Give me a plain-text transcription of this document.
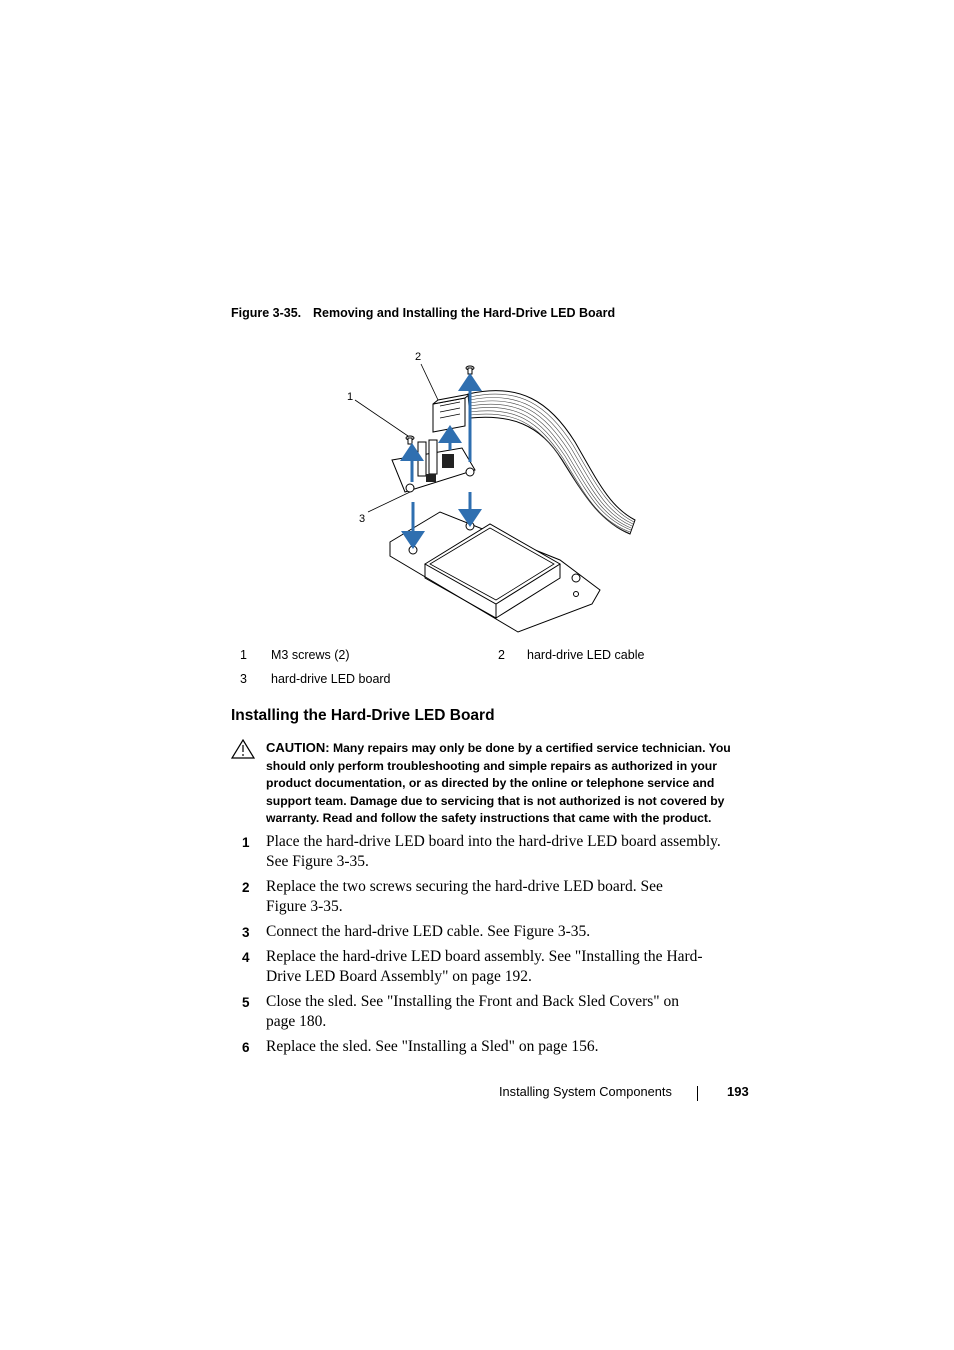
Figure 3-35. Removing and Installing the Hard-Drive LED Board
1
2
3
1 M3 screws (2)	2 hard-drive LED cable
3 hard-drive LED board
Installing the Hard-Drive LED Board
CAUTION: Many repairs may only be done by a certified service technician. You should only perform troubleshooting and simple repairs as authorized in your product documentation, or as directed by the online or telephone service and support team. Damage due to servicing that is not authorized is not covered by warranty. Read and follow the safety instructions that came with the product.
1 Place the hard-drive LED board into the hard-drive LED board assembly. See Figure 3-35.
2 Replace the two screws securing the hard-drive LED board. See Figure 3-35.
3 Connect the hard-drive LED cable. See Figure 3-35.
4 Replace the hard-drive LED board assembly. See "Installing the Hard-Drive LED Board Assembly" on page 192.
5 Close the sled. See "Installing the Front and Back Sled Covers" on page 180.
6 Replace the sled. See "Installing a Sled" on page 156.
Installing System Components	193
